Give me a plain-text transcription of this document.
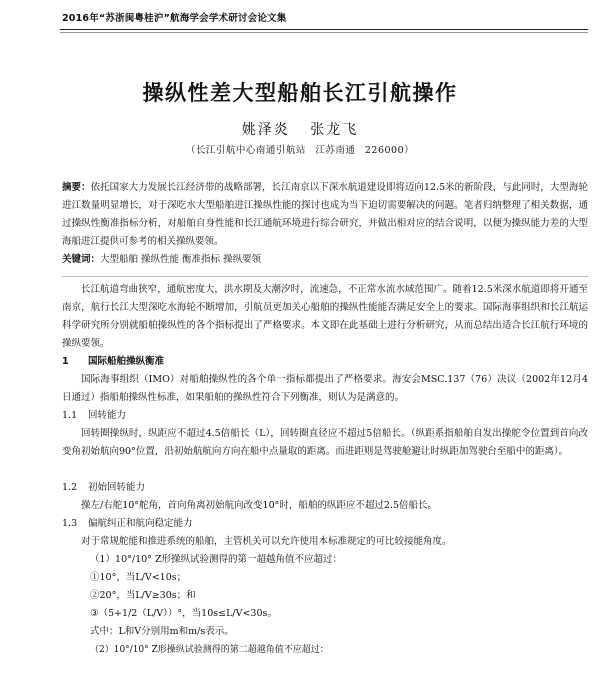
2016年“苏浙闽粤桂沪”航海学会学术研讨会论文集
操纵性差大型船舶长江引航操作
姚泽炎 张龙飞
（长江引航中心南通引航站 江苏南通 226000）
摘要：依托国家大力发展长江经济带的战略部署，长江南京以下深水航道建设即将迈向12.5米的新阶段，与此同时，大型海轮进江数量明显增长，对于深吃水大型船舶进江操纵性能的探讨也成为当下迫切需要解决的问题。笔者归纳整理了相关数据，通过操纵性衡准指标分析，对船舶自身性能和长江通航环境进行综合研究，并做出相对应的结合说明，以便为操纵能力差的大型海船进江提供可参考的相关操纵要领。
关键词：大型船舶 操纵性能 衡准指标 操纵要领
长江航道弯曲狭窄，通航密度大，洪水期及大潮汐时，流速急，不正常水流水域范围广。随着12.5米深水航道即将开通至南京，航行长江大型深吃水海轮不断增加，引航员更加关心船舶的操纵性能能否满足安全上的要求。国际海事组织和长江航运科学研究所分别就船舶操纵性的各个指标提出了严格要求。本文即在此基础上进行分析研究，从而总结出适合长江航行环境的操纵要领。
1 国际船舶操纵衡准
国际海事组织（IMO）对船舶操纵性的各个单一指标都提出了严格要求。海安会MSC.137（76）决议（2002年12月4日通过）指船舶操纵性标准，如果船舶的操纵性符合下列衡准，则认为是满意的。
1.1 回转能力
回转圈操纵时，纵距应不超过4.5倍船长（L），回转圈直径应不超过5倍船长。（纵距系指船舶自发出操舵令位置到首向改变角初始航向90°位置，沿初始航航向方向在船中点量取的距离。而进距则是驾驶舱避让时纵距加驾驶台至船中的距离）。
1.2 初始回转能力
操左/右舵10°舵角，首向角离初始航向改变10°时，船舶的纵距应不超过2.5倍船长。
1.3 偏航纠正和航向稳定能力
对于常规舵能和推进系统的船舶，主管机关可以允许使用本标准规定的可比较接能角度。
（1）10°/10° Z形操纵试验测得的第一超越角值不应超过：
①10°，当L/V<10s；
②20°，当L/V≥30s；和
③（5+1/2（L/V））°，当10s≤L/V<30s。
式中：L和V分别用m和m/s表示。
（2）10°/10° Z形操纵试验测得的第二超越角值不应超过：
